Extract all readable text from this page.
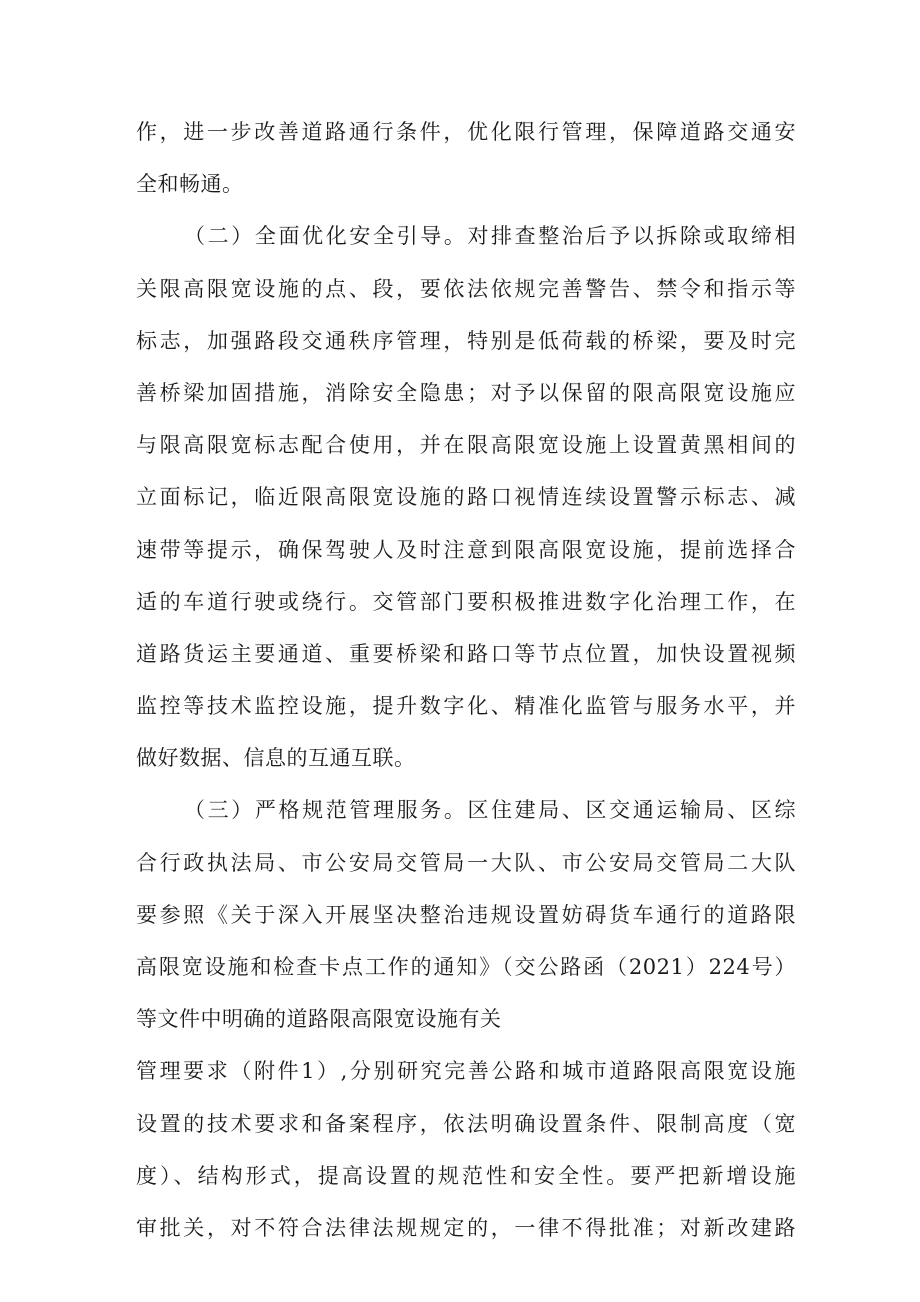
作，进一步改善道路通行条件，优化限行管理，保障道路交通安
全和畅通。
（二）全面优化安全引导。对排查整治后予以拆除或取缔相
关限高限宽设施的点、段，要依法依规完善警告、禁令和指示等
标志，加强路段交通秩序管理，特别是低荷载的桥梁，要及时完
善桥梁加固措施，消除安全隐患；对予以保留的限高限宽设施应
与限高限宽标志配合使用，并在限高限宽设施上设置黄黑相间的
立面标记，临近限高限宽设施的路口视情连续设置警示标志、减
速带等提示，确保驾驶人及时注意到限高限宽设施，提前选择合
适的车道行驶或绕行。交管部门要积极推进数字化治理工作，在
道路货运主要通道、重要桥梁和路口等节点位置，加快设置视频
监控等技术监控设施，提升数字化、精准化监管与服务水平，并
做好数据、信息的互通互联。
（三）严格规范管理服务。区住建局、区交通运输局、区综
合行政执法局、市公安局交管局一大队、市公安局交管局二大队
要参照《关于深入开展坚决整治违规设置妨碍货车通行的道路限
高限宽设施和检查卡点工作的通知》（交公路函（2021）224号）
等文件中明确的道路限高限宽设施有关
管理要求（附件1）,分别研究完善公路和城市道路限高限宽设施
设置的技术要求和备案程序，依法明确设置条件、限制高度（宽
度）、结构形式，提高设置的规范性和安全性。要严把新增设施
审批关，对不符合法律法规规定的，一律不得批准；对新改建路
